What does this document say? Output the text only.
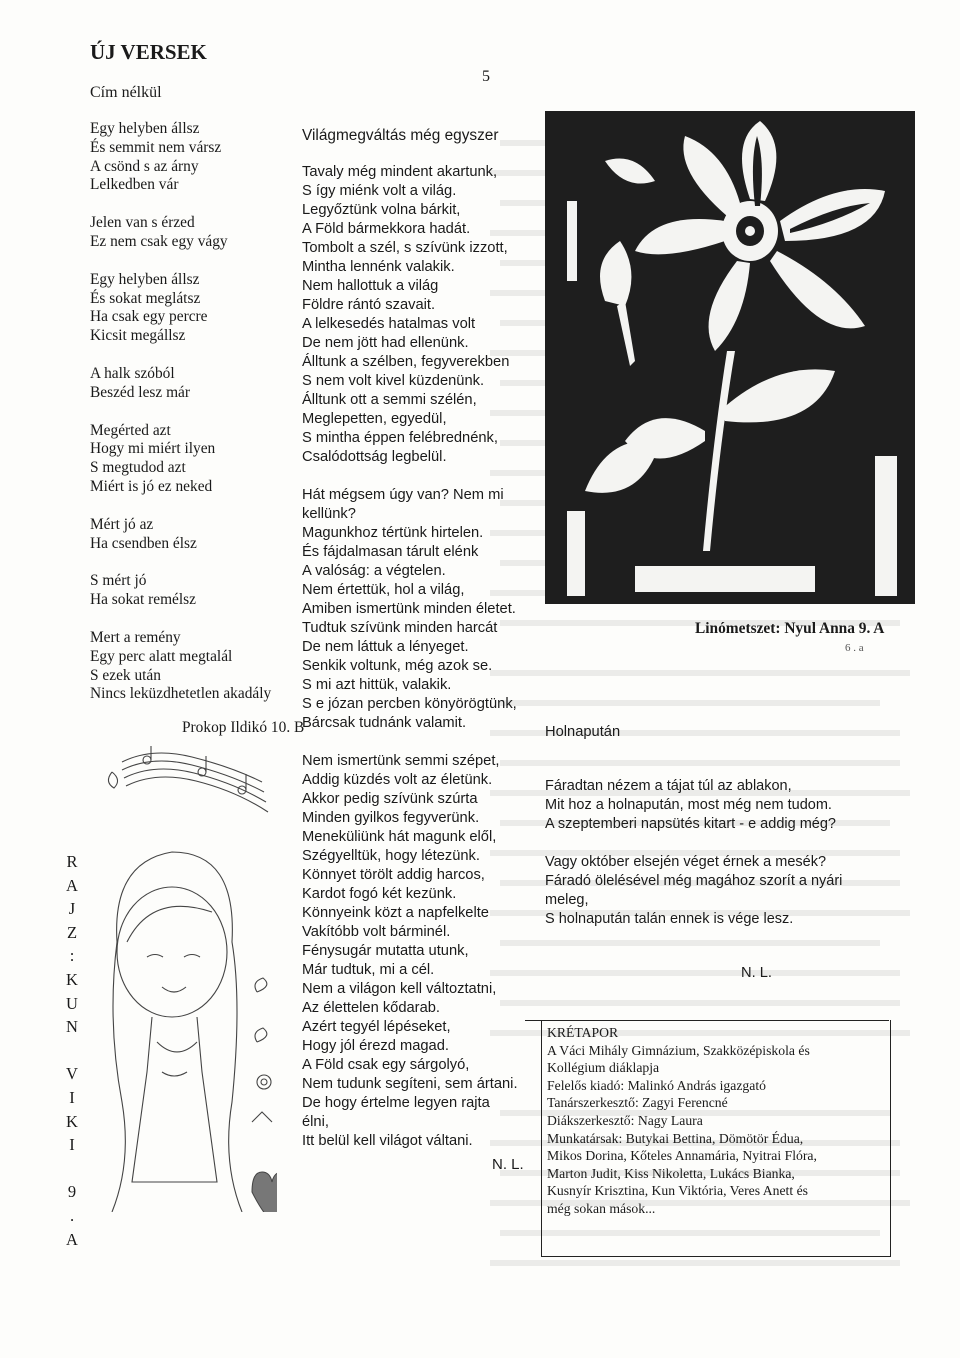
ÚJ VERSEK
5
Cím nélkül
Egy helyben állsz
És semmit nem vársz
A csönd s az árny
Lelkedben vár
Jelen van s érzed
Ez nem csak egy vágy
Egy helyben állsz
És sokat meglátsz
Ha csak egy percre
Kicsit megállsz
A halk szóból
Beszéd lesz már
Megérted azt
Hogy mi miért ilyen
S megtudod azt
Miért is jó ez neked
Mért jó az
Ha csendben élsz
S mért jó
Ha sokat remélsz
Mert a remény
Egy perc alatt megtalál
S ezek után
Nincs leküzdhetetlen akadály
Prokop Ildikó 10. B
R
A
J
Z
:
K
U
N

V
I
K
I

9
.
A
Világmegváltás még egyszer
Tavaly még mindent akartunk,
S így miénk volt a világ.
Legyőztünk volna bárkit,
A Föld bármekkora hadát.
Tombolt a szél, s szívünk izzott,
Mintha lennénk valakik.
Nem hallottuk a világ
Földre rántó szavait.
A lelkesedés hatalmas volt
De nem jött had ellenünk.
Álltunk a szélben, fegyverekben
S nem volt kivel küzdenünk.
Álltunk ott a semmi szélén,
Meglepetten, egyedül,
S mintha éppen felébrednénk,
Csalódottság legbelül.
Hát mégsem úgy van? Nem mi
kellünk?
Magunkhoz tértünk hirtelen.
És fájdalmasan tárult elénk
A valóság: a végtelen.
Nem értettük, hol a világ,
Amiben ismertünk minden életet.
Tudtuk szívünk minden harcát
De nem láttuk a lényeget.
Senkik voltunk, még azok se.
S mi azt hittük, valakik.
S e józan percben könyörögtünk,
Bárcsak tudnánk valamit.
Nem ismertünk semmi szépet,
Addig küzdés volt az életünk.
Akkor pedig szívünk szúrta
Minden gyilkos fegyverünk.
Meneküliünk hát magunk elől,
Szégyelltük, hogy létezünk.
Könnyet törölt addig harcos,
Kardot fogó két kezünk.
Könnyeink közt a napfelkelte
Vakítóbb volt bárminél.
Fénysugár mutatta utunk,
Már tudtuk, mi a cél.
Nem a világon kell változtatni,
Az élettelen kődarab.
Azért tegyél lépéseket,
Hogy jól érezd magad.
A Föld csak egy sárgolyó,
Nem tudunk segíteni, sem ártani.
De hogy értelme legyen rajta
élni,
Itt belül kell világot váltani.
N. L.
Linómetszet: Nyul Anna 9. A
6 . a
Holnapután
Fáradtan nézem a tájat túl az ablakon,
Mit hoz a holnapután, most még nem tudom.
A szeptemberi napsütés kitart - e addig még?
Vagy október elsején véget érnek a mesék?
Fáradó ölelésével még magához szorít a nyári
meleg,
S holnapután talán ennek is vége lesz.
N. L.
KRÉTAPOR
A Váci Mihály Gimnázium, Szakközépiskola és
Kollégium diáklapja
Felelős kiadó: Malinkó András igazgató
Tanárszerkesztő: Zagyi Ferencné
Diákszerkesztő: Nagy Laura
Munkatársak: Butykai Bettina, Dömötör Édua,
Mikos Dorina, Kőteles Annamária, Nyitrai Flóra,
Marton Judit, Kiss Nikoletta, Lukács Bianka,
Kusnyír Krisztina, Kun Viktória, Veres Anett és
még sokan mások...
